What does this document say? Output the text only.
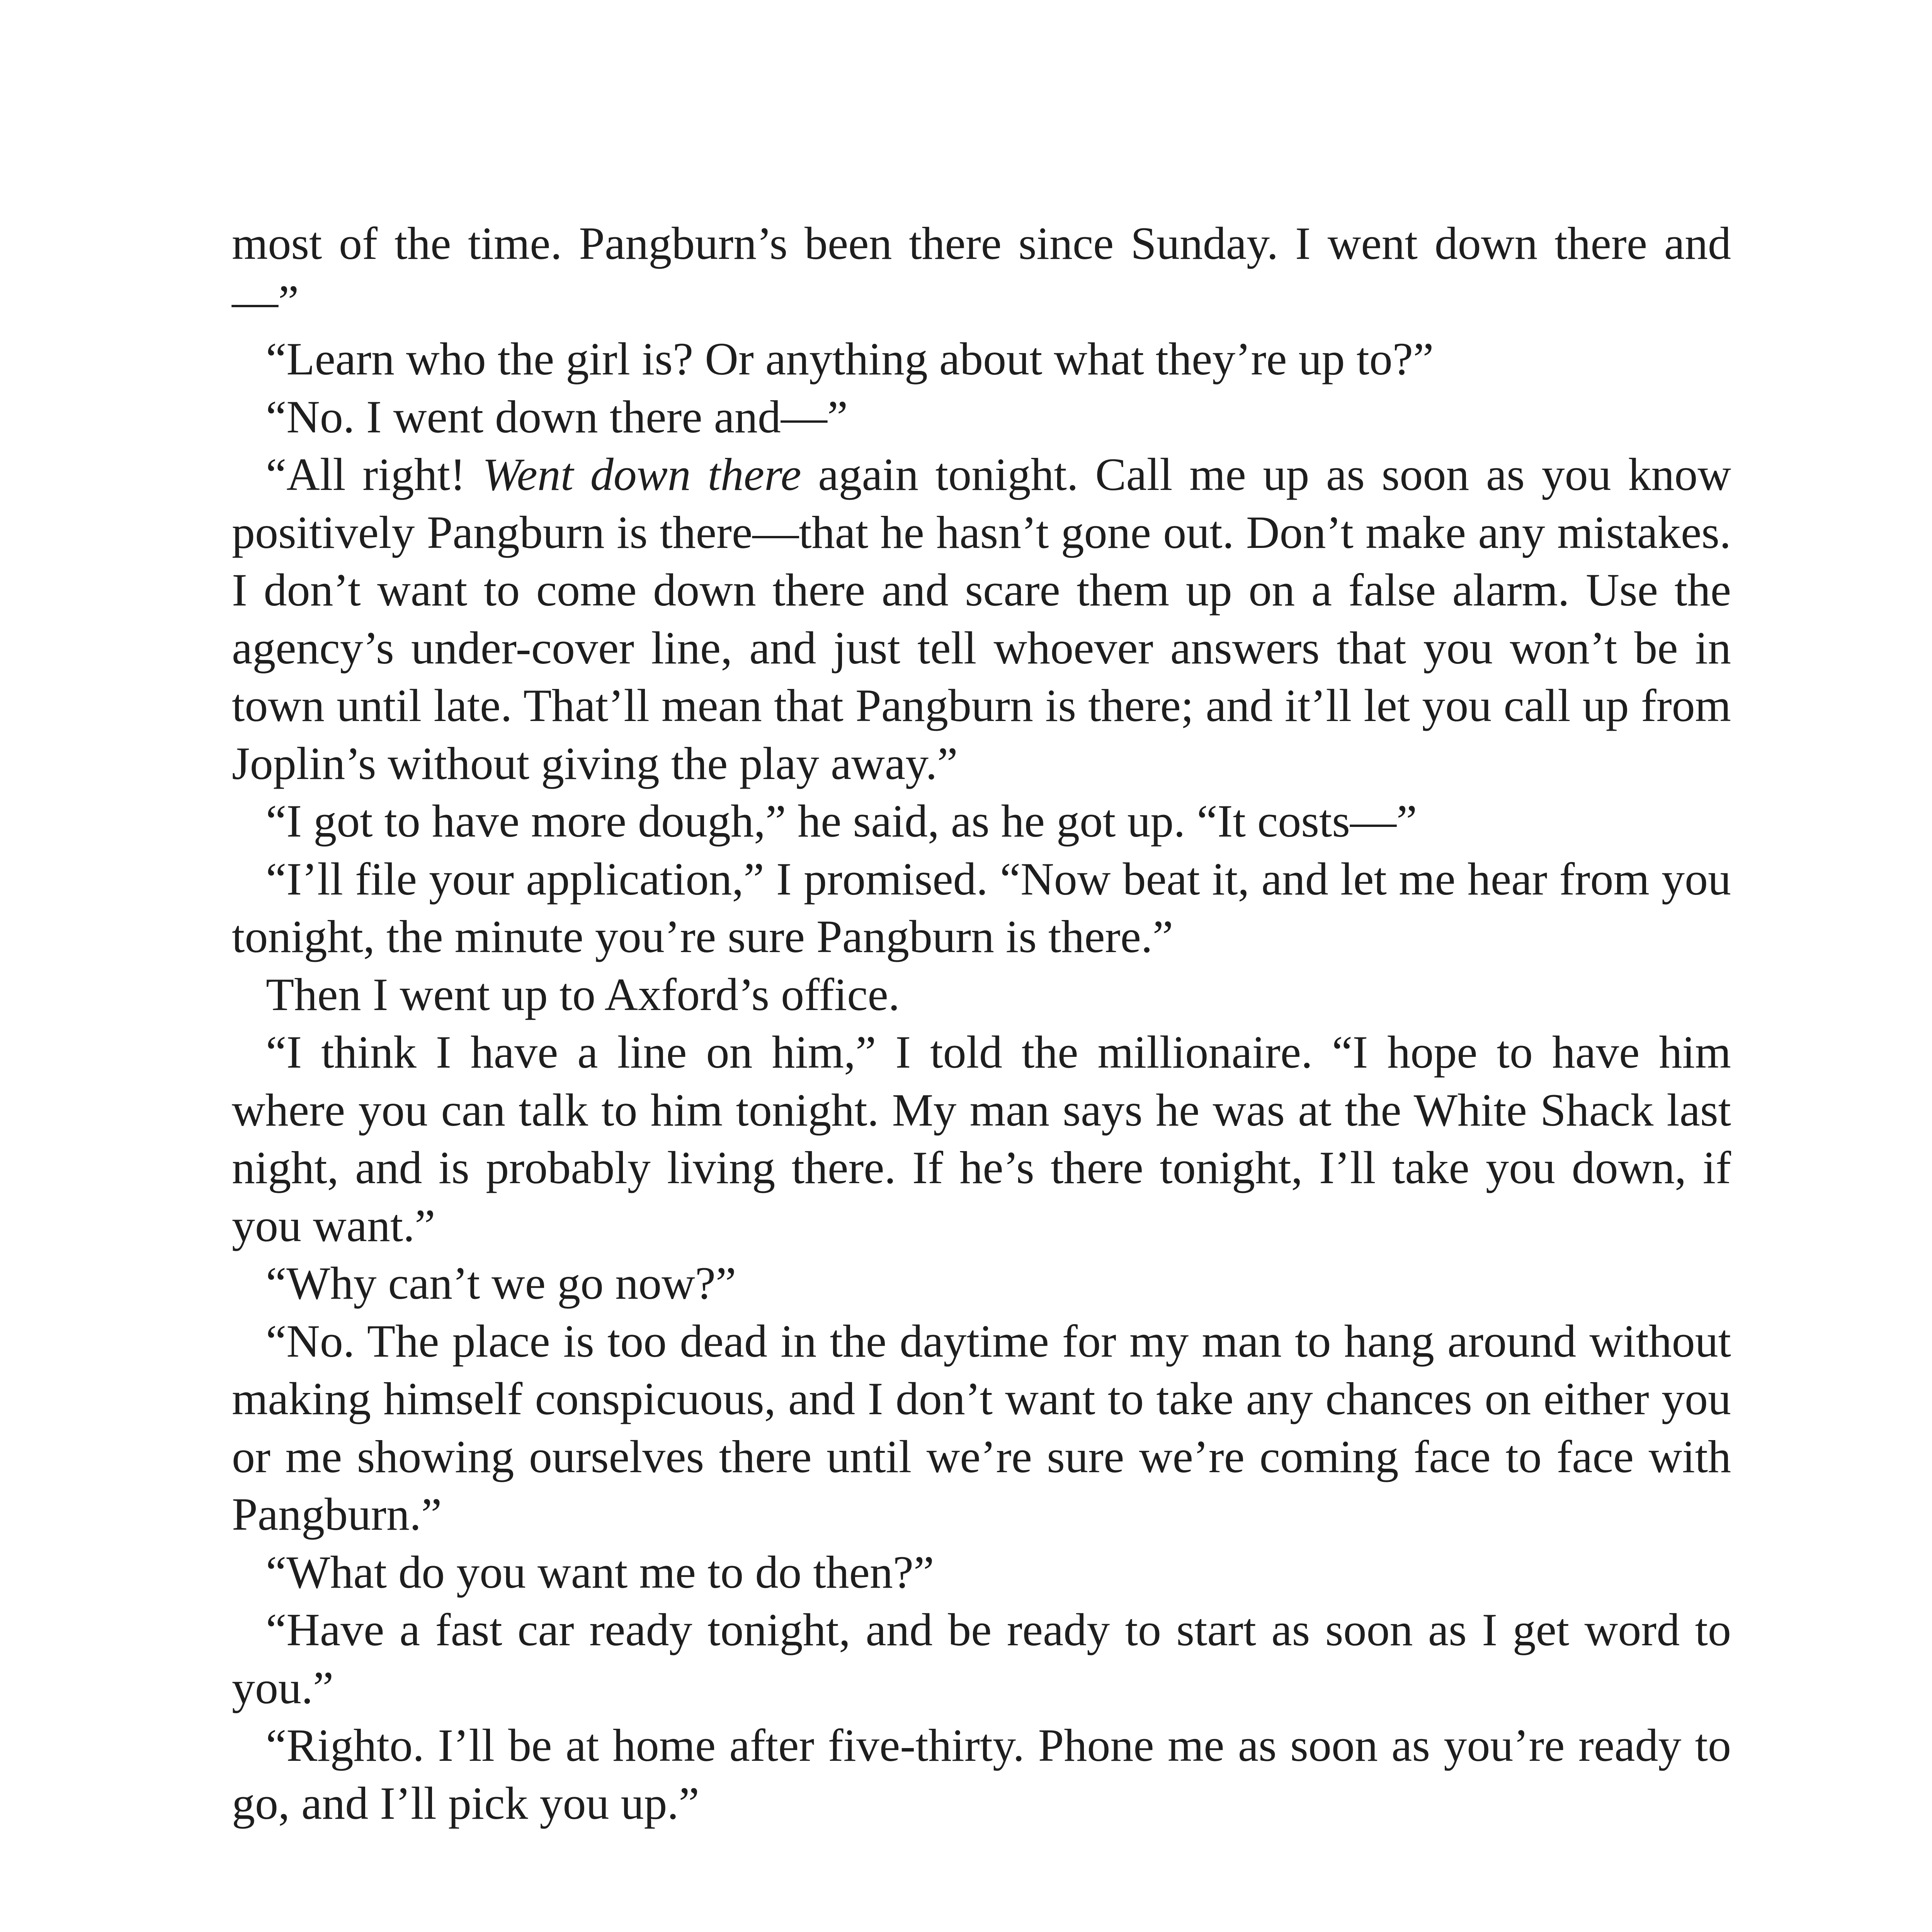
most of the time. Pangburn’s been there since Sunday. I went down there and —”

“Learn who the girl is? Or anything about what they’re up to?”

“No. I went down there and—”

“All right! Went down there again tonight. Call me up as soon as you know positively Pangburn is there—that he hasn’t gone out. Don’t make any mistakes. I don’t want to come down there and scare them up on a false alarm. Use the agency’s under-cover line, and just tell whoever answers that you won’t be in town until late. That’ll mean that Pangburn is there; and it’ll let you call up from Joplin’s without giving the play away.”

“I got to have more dough,” he said, as he got up. “It costs—”

“I’ll file your application,” I promised. “Now beat it, and let me hear from you tonight, the minute you’re sure Pangburn is there.”

Then I went up to Axford’s office.

“I think I have a line on him,” I told the millionaire. “I hope to have him where you can talk to him tonight. My man says he was at the White Shack last night, and is probably living there. If he’s there tonight, I’ll take you down, if you want.”

“Why can’t we go now?”

“No. The place is too dead in the daytime for my man to hang around without making himself conspicuous, and I don’t want to take any chances on either you or me showing ourselves there until we’re sure we’re coming face to face with Pangburn.”

“What do you want me to do then?”

“Have a fast car ready tonight, and be ready to start as soon as I get word to you.”

“Righto. I’ll be at home after five-thirty. Phone me as soon as you’re ready to go, and I’ll pick you up.”
